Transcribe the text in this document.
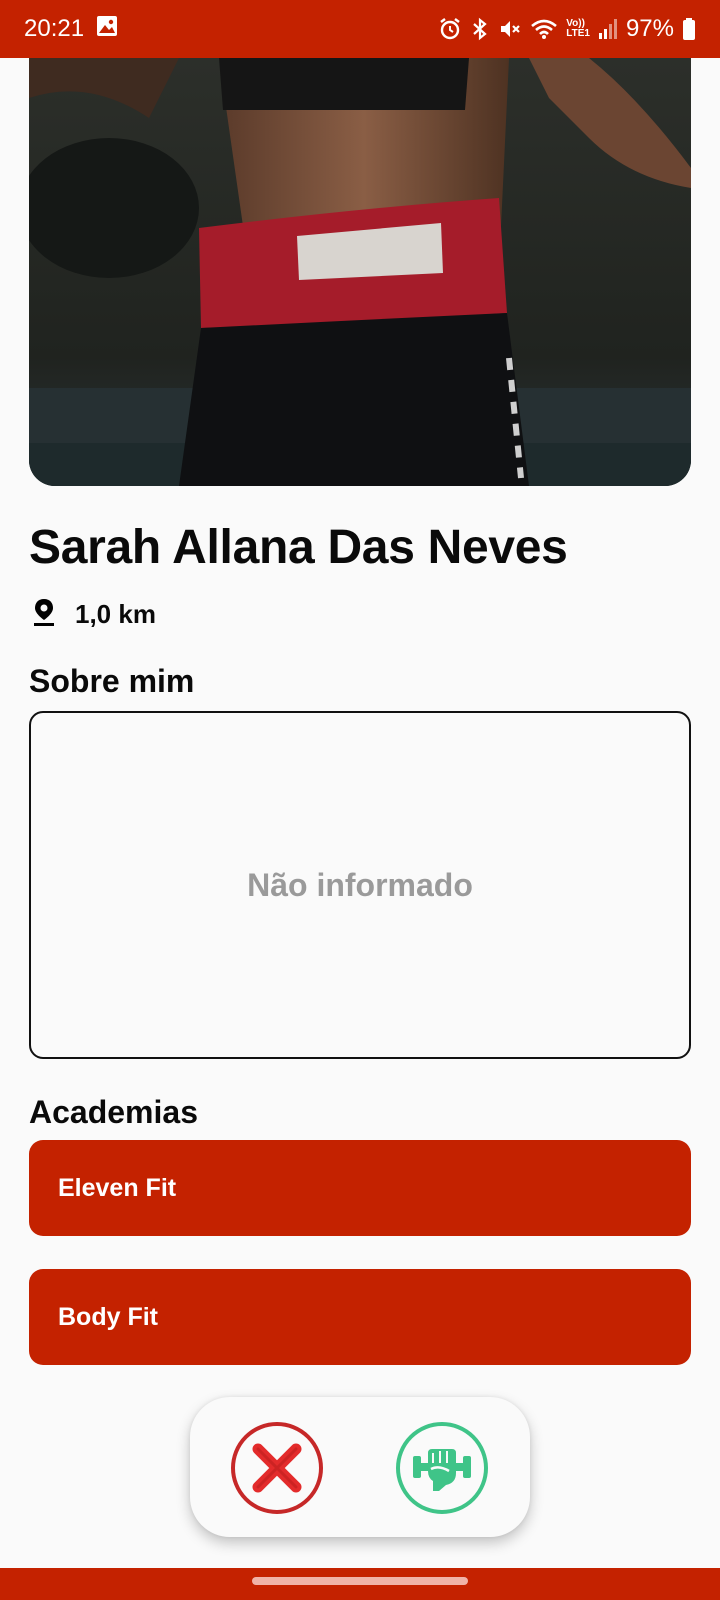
20:21	Vo))
LTE1 97%
Sarah Allana Das Neves
1,0 km
Sobre mim
Não informado
Academias
Eleven Fit
Body Fit
